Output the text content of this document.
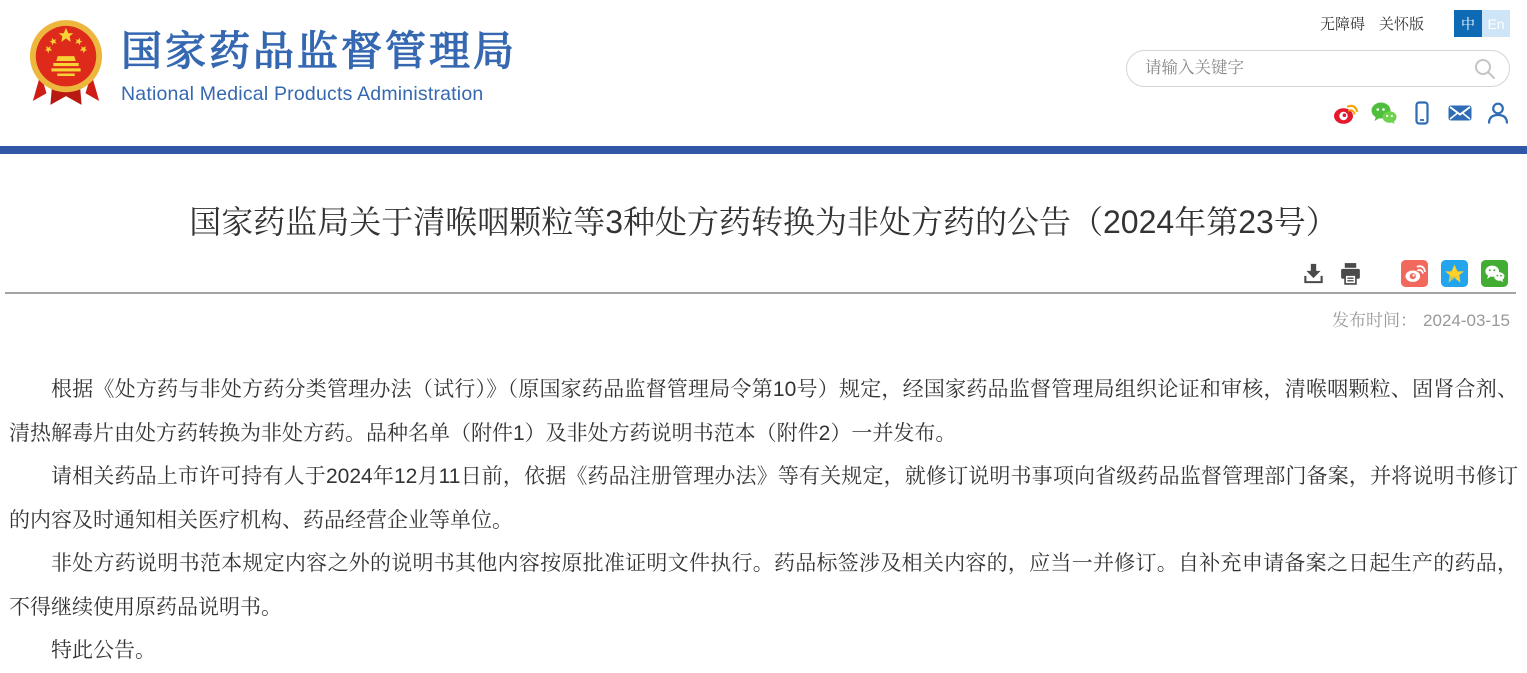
国家药品监督管理局
National Medical Products Administration
无障碍 关怀版	中 En
请输入关键字
国家药监局关于清喉咽颗粒等3种处方药转换为非处方药的公告（2024年第23号）
发布时间： 2024-03-15

根据《处方药与非处方药分类管理办法（试行）》（原国家药品监督管理局令第10号）规定，经国家药品监督管理局组织论证和审核，清喉咽颗粒、固肾合剂、清热解毒片由处方药转换为非处方药。品种名单（附件1）及非处方药说明书范本（附件2）一并发布。

请相关药品上市许可持有人于2024年12月11日前，依据《药品注册管理办法》等有关规定，就修订说明书事项向省级药品监督管理部门备案，并将说明书修订的内容及时通知相关医疗机构、药品经营企业等单位。

非处方药说明书范本规定内容之外的说明书其他内容按原批准证明文件执行。药品标签涉及相关内容的，应当一并修订。自补充申请备案之日起生产的药品，不得继续使用原药品说明书。

特此公告。
